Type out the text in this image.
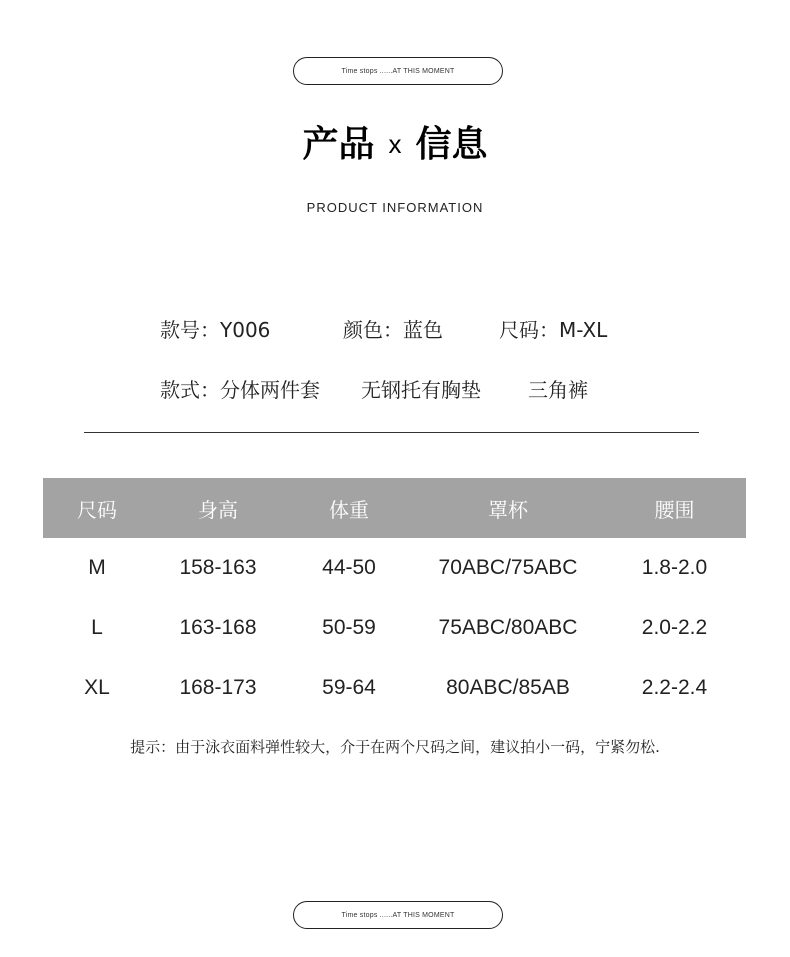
Time stops ......AT THIS MOMENT
产品 x 信息
PRODUCT INFORMATION
款号：Y006	颜色：蓝色	尺码：M-XL
款式：分体两件套 无钢托有胸垫 三角裤
尺码	身高	体重	罩杯	腰围
M	158-163	44-50	70ABC/75ABC	1.8-2.0
L	163-168	50-59	75ABC/80ABC	2.0-2.2
XL	168-173	59-64	80ABC/85AB	2.2-2.4
提示：由于泳衣面料弹性较大，介于在两个尺码之间，建议拍小一码，宁紧勿松.
Time stops ......AT THIS MOMENT
